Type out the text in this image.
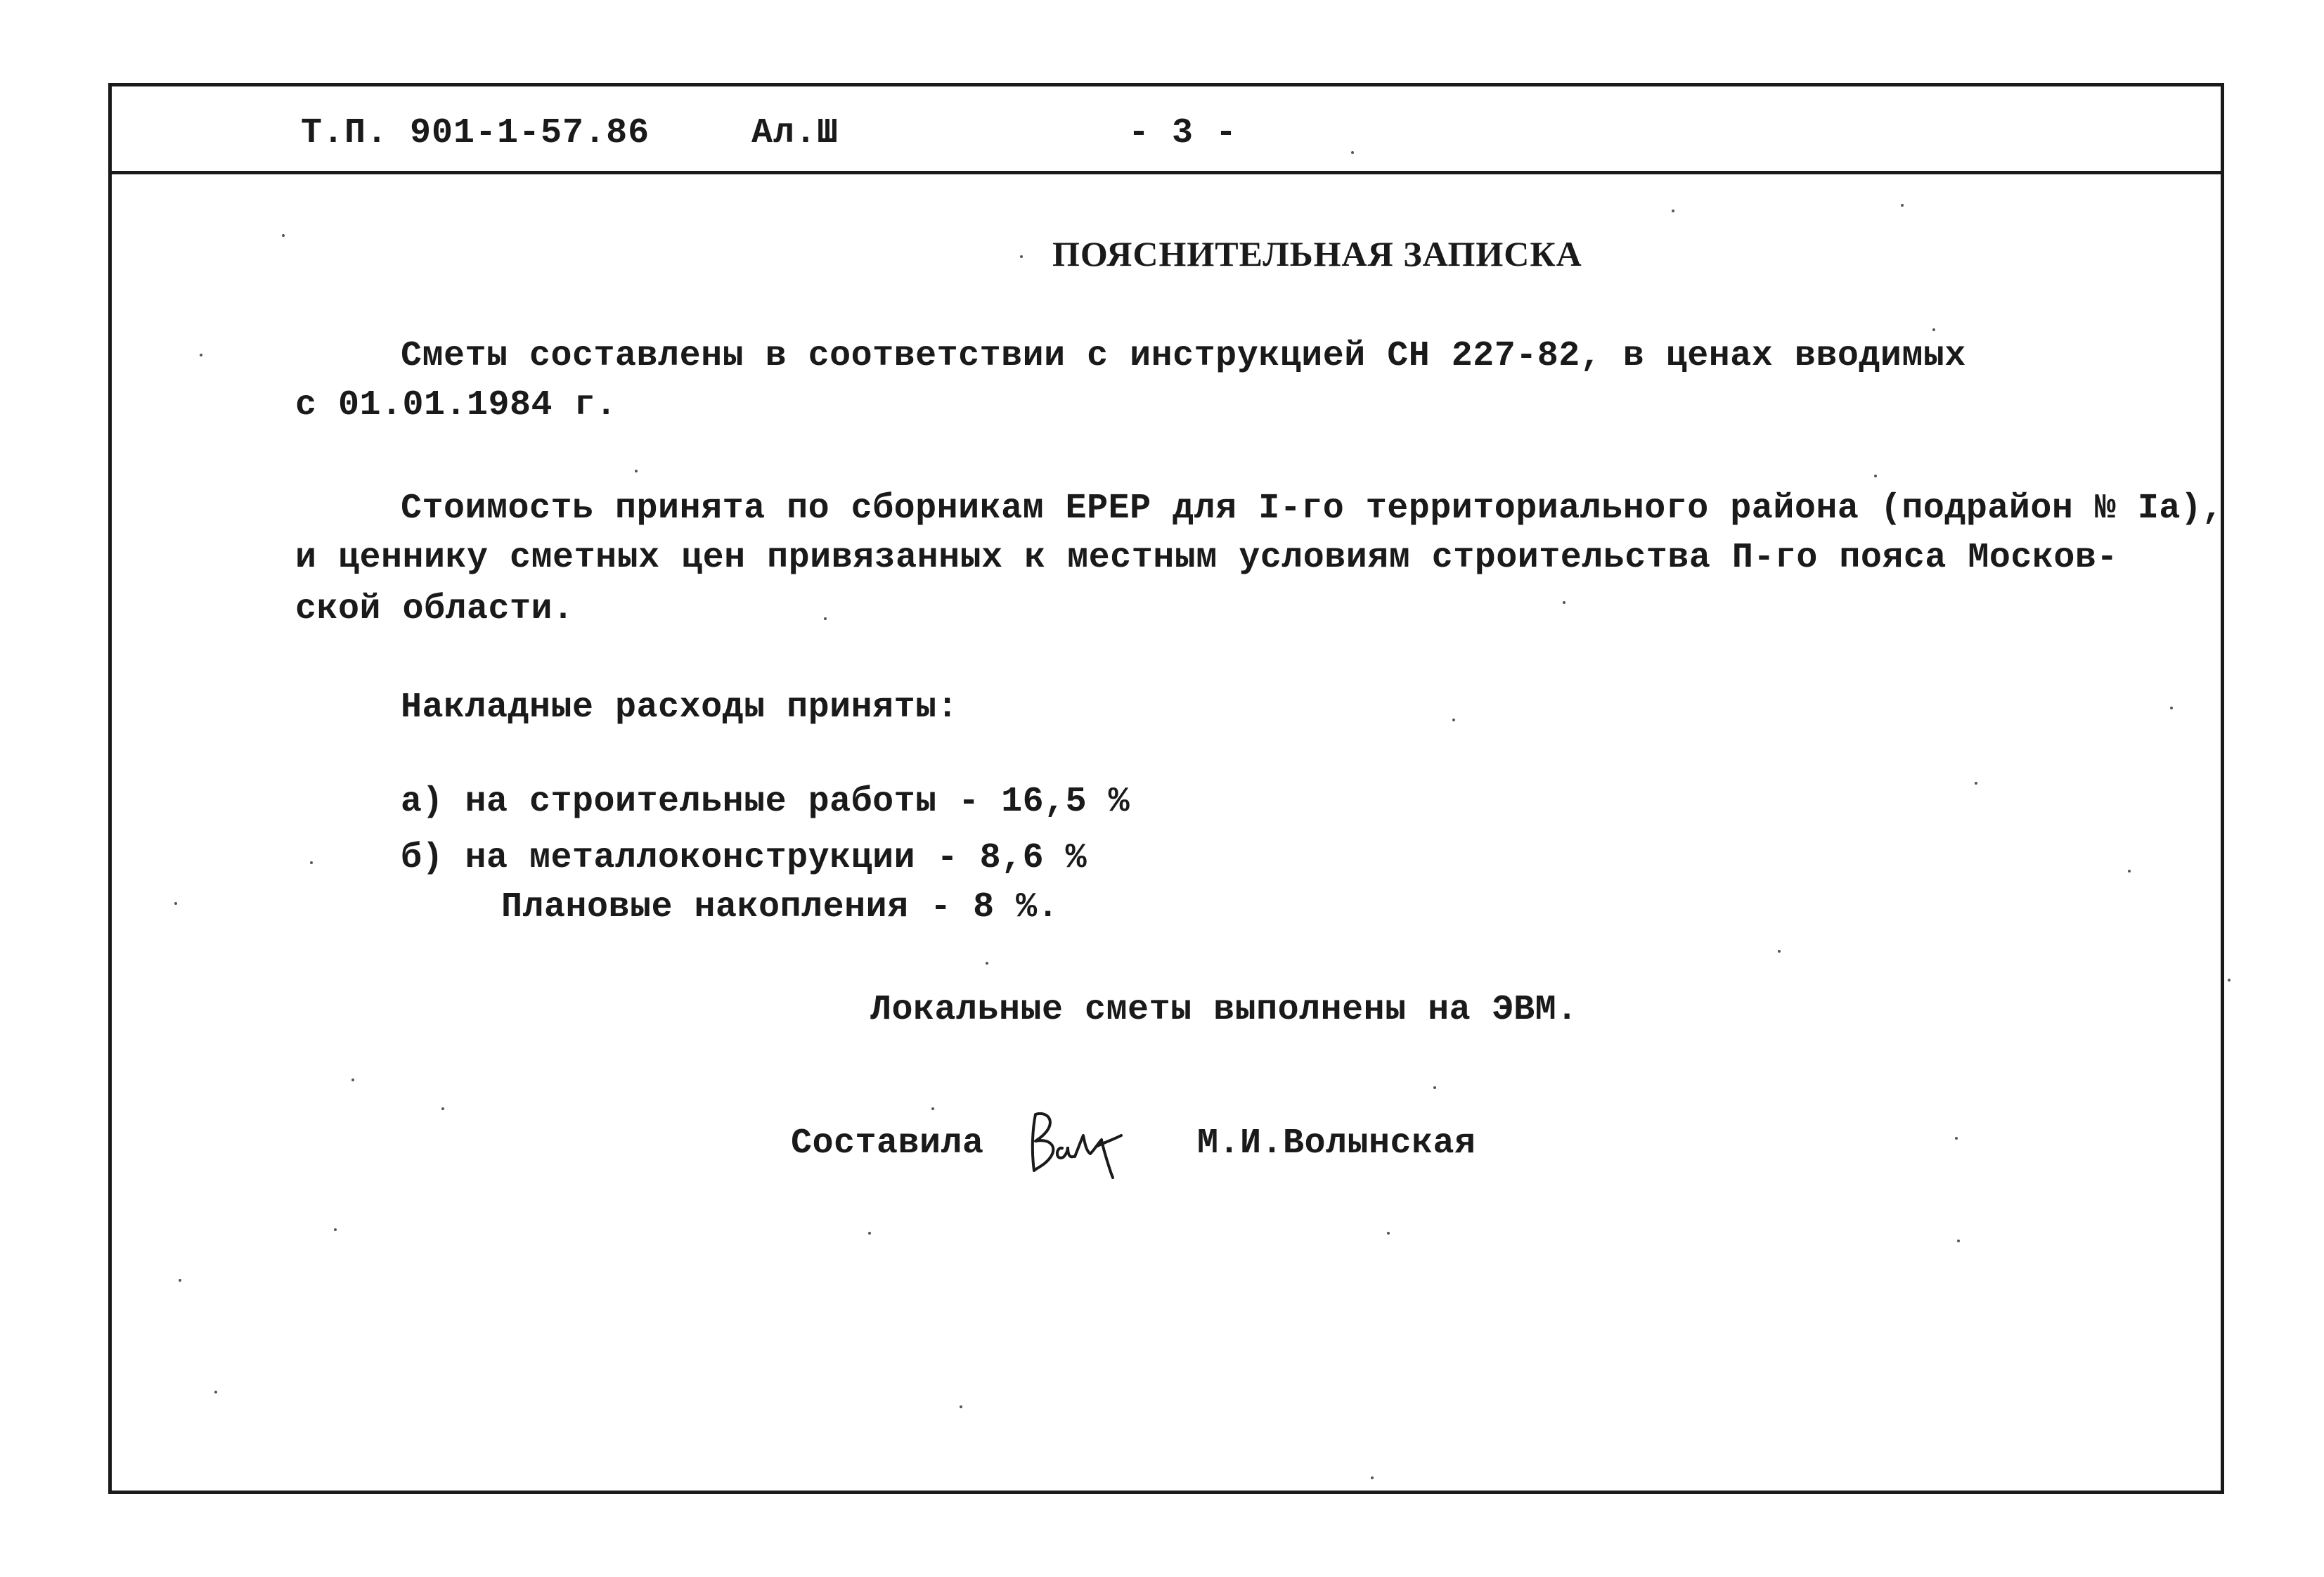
Т.П. 901-1-57.86	Ал.Ш	- 3 -
ПОЯСНИТЕЛЬНАЯ ЗАПИСКА
Сметы составлены в соответствии с инструкцией СН 227-82, в ценах вводимых
с 01.01.1984 г.
Стоимость принята по сборникам ЕРЕР для I-го территориального района (подрайон № Iа),
и ценнику сметных цен привязанных к местным условиям строительства П-го пояса Москов-
ской области.
Накладные расходы приняты:
а) на строительные работы - 16,5 %
б) на металлоконструкции - 8,6 %
Плановые накопления - 8 %.
Локальные сметы выполнены на ЭВМ.
Составила	М.И.Волынская
